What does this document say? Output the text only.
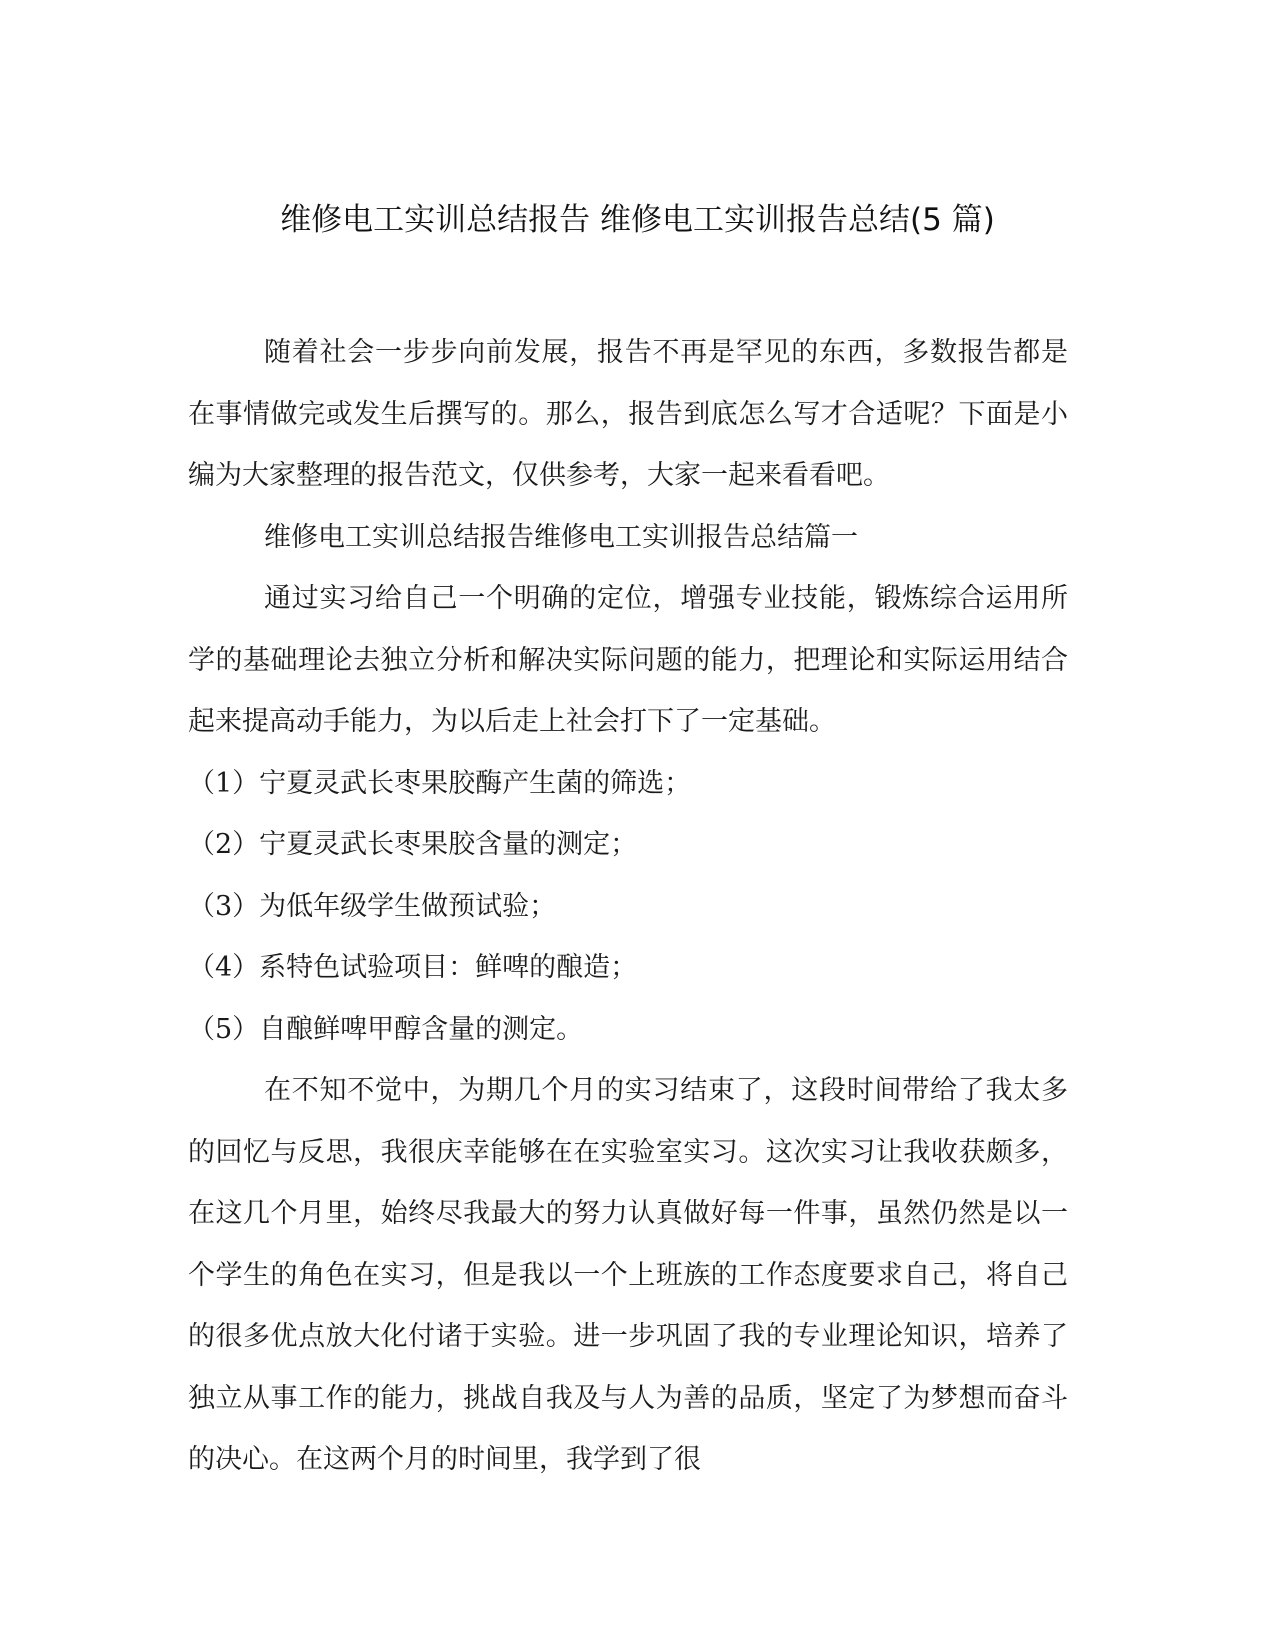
维修电工实训总结报告 维修电工实训报告总结(5 篇)

随着社会一步步向前发展，报告不再是罕见的东西，多数报告都是在事情做完或发生后撰写的。那么，报告到底怎么写才合适呢？下面是小编为大家整理的报告范文，仅供参考，大家一起来看看吧。

维修电工实训总结报告维修电工实训报告总结篇一

通过实习给自己一个明确的定位，增强专业技能，锻炼综合运用所学的基础理论去独立分析和解决实际问题的能力，把理论和实际运用结合起来提高动手能力，为以后走上社会打下了一定基础。

（1）宁夏灵武长枣果胶酶产生菌的筛选；

（2）宁夏灵武长枣果胶含量的测定；

（3）为低年级学生做预试验；

（4）系特色试验项目：鲜啤的酿造；

（5）自酿鲜啤甲醇含量的测定。

在不知不觉中，为期几个月的实习结束了，这段时间带给了我太多的回忆与反思，我很庆幸能够在在实验室实习。这次实习让我收获颇多，在这几个月里，始终尽我最大的努力认真做好每一件事，虽然仍然是以一个学生的角色在实习，但是我以一个上班族的工作态度要求自己，将自己的很多优点放大化付诸于实验。进一步巩固了我的专业理论知识，培养了独立从事工作的能力，挑战自我及与人为善的品质，坚定了为梦想而奋斗的决心。在这两个月的时间里，我学到了很
